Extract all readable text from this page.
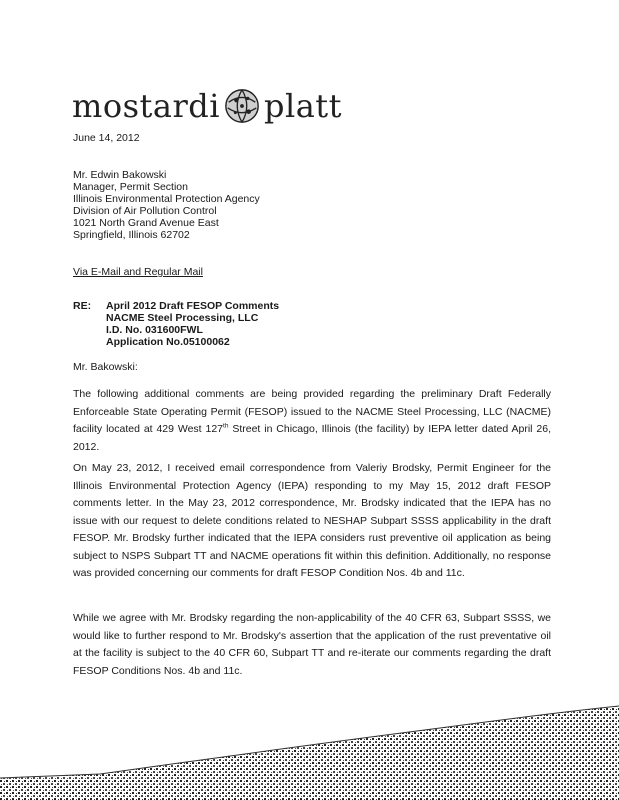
mostardi platt
June 14, 2012
Mr. Edwin Bakowski
Manager, Permit Section
Illinois Environmental Protection Agency
Division of Air Pollution Control
1021 North Grand Avenue East
Springfield, Illinois 62702
Via E-Mail and Regular Mail
RE: April 2012 Draft FESOP Comments
NACME Steel Processing, LLC
I.D. No. 031600FWL
Application No.05100062
Mr. Bakowski:
The following additional comments are being provided regarding the preliminary Draft Federally Enforceable State Operating Permit (FESOP) issued to the NACME Steel Processing, LLC (NACME) facility located at 429 West 127th Street in Chicago, Illinois (the facility) by IEPA letter dated April 26, 2012.
On May 23, 2012, I received email correspondence from Valeriy Brodsky, Permit Engineer for the Illinois Environmental Protection Agency (IEPA) responding to my May 15, 2012 draft FESOP comments letter. In the May 23, 2012 correspondence, Mr. Brodsky indicated that the IEPA has no issue with our request to delete conditions related to NESHAP Subpart SSSS applicability in the draft FESOP. Mr. Brodsky further indicated that the IEPA considers rust preventive oil application as being subject to NSPS Subpart TT and NACME operations fit within this definition. Additionally, no response was provided concerning our comments for draft FESOP Condition Nos. 4b and 11c.
While we agree with Mr. Brodsky regarding the non-applicability of the 40 CFR 63, Subpart SSSS, we would like to further respond to Mr. Brodsky's assertion that the application of the rust preventative oil at the facility is subject to the 40 CFR 60, Subpart TT and re-iterate our comments regarding the draft FESOP Conditions Nos. 4b and 11c.
